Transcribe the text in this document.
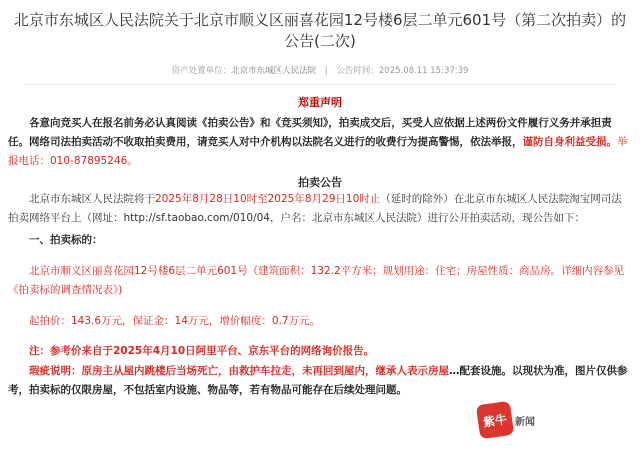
北京市东城区人民法院关于北京市顺义区丽喜花园12号楼6层二单元601号（第二次拍卖）的公告(二次)
资产处置单位：北京市东城区人民法院 | 公告时间：2025.08.11 15:37:39
郑重声明
各意向竞买人在报名前务必认真阅读《拍卖公告》和《竞买须知》，拍卖成交后，买受人应依据上述两份文件履行义务并承担责任。网络司法拍卖活动不收取拍卖费用，请竞买人对中介机构以法院名义进行的收费行为提高警惕，依法举报，谨防自身利益受损。举报电话：010-87895246。
拍卖公告
北京市东城区人民法院将于2025年8月28日10时至2025年8月29日10时止（延时的除外）在北京市东城区人民法院淘宝网司法拍卖网络平台上（网址：http://sf.taobao.com/010/04，户名：北京市东城区人民法院）进行公开拍卖活动，现公告如下：
一、拍卖标的：
北京市顺义区丽喜花园12号楼6层二单元601号（建筑面积：132.2平方米；规划用途：住宅；房屋性质：商品房。详细内容参见《拍卖标的调查情况表》)
起拍价：143.6万元，保证金：14万元，增价幅度：0.7万元。
注：参考价来自于2025年4月10日阿里平台、京东平台的网络询价报告。
瑕疵说明：原房主从屋内跳楼后当场死亡，由救护车拉走，未再回到屋内，继承人表示房屋…配套设施。以现状为准，图片仅供参考，拍卖标的仅限房屋，不包括室内设施、物品等，若有物品可能存在后续处理问题。
紫牛 新闻
